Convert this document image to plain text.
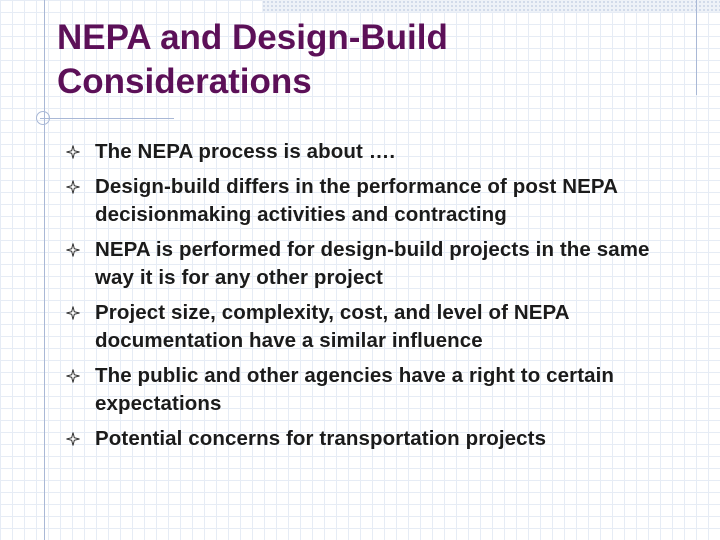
NEPA and Design-Build
Considerations
The NEPA process is about ….
Design-build differs in the performance of post NEPA decisionmaking activities and contracting
NEPA is performed for design-build projects in the same way it is for any other project
Project size, complexity, cost, and level of NEPA documentation have a similar influence
The public and other agencies have a right to certain expectations
Potential concerns for transportation projects
